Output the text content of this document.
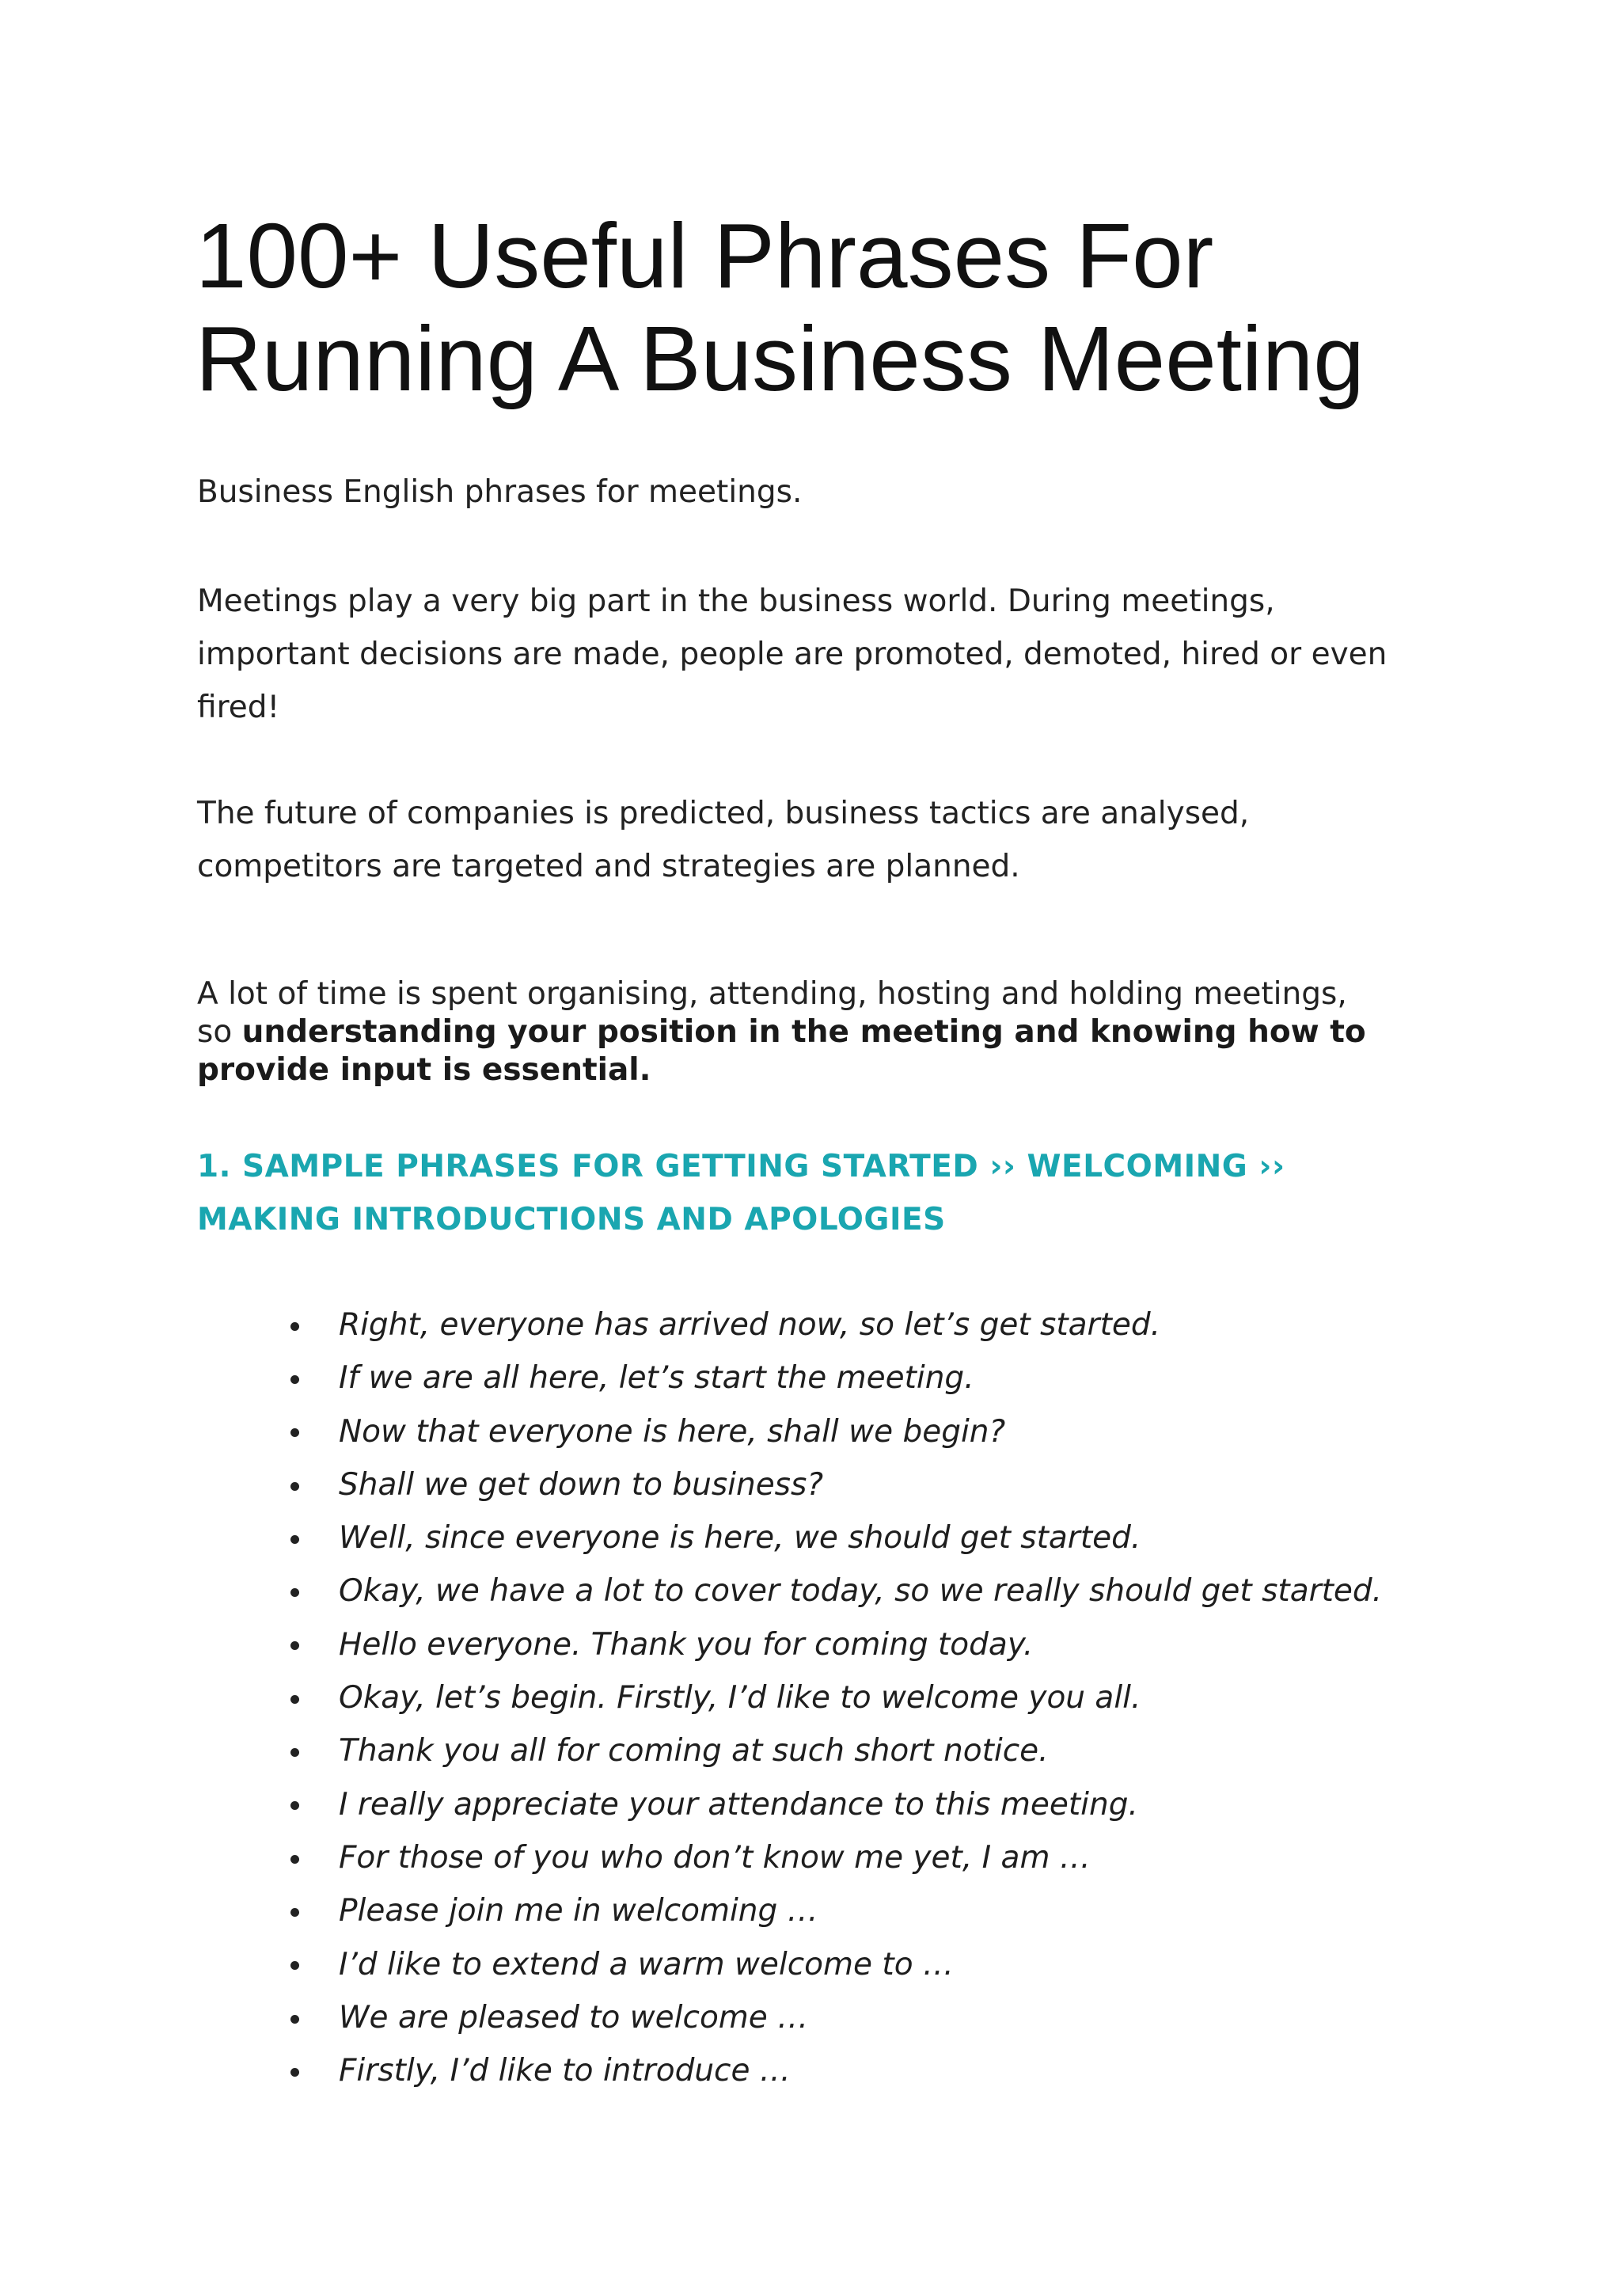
100+ Useful Phrases For
Running A Business Meeting

Business English phrases for meetings.

Meetings play a very big part in the business world. During meetings,
important decisions are made, people are promoted, demoted, hired or even
fired!

The future of companies is predicted, business tactics are analysed,
competitors are targeted and strategies are planned.

A lot of time is spent organising, attending, hosting and holding meetings,
so understanding your position in the meeting and knowing how to
provide input is essential.

1. SAMPLE PHRASES FOR GETTING STARTED ›› WELCOMING ››
MAKING INTRODUCTIONS AND APOLOGIES
Right, everyone has arrived now, so let’s get started.
If we are all here, let’s start the meeting.
Now that everyone is here, shall we begin?
Shall we get down to business?
Well, since everyone is here, we should get started.
Okay, we have a lot to cover today, so we really should get started.
Hello everyone. Thank you for coming today.
Okay, let’s begin. Firstly, I’d like to welcome you all.
Thank you all for coming at such short notice.
I really appreciate your attendance to this meeting.
For those of you who don’t know me yet, I am …
Please join me in welcoming …
I’d like to extend a warm welcome to …
We are pleased to welcome …
Firstly, I’d like to introduce …
